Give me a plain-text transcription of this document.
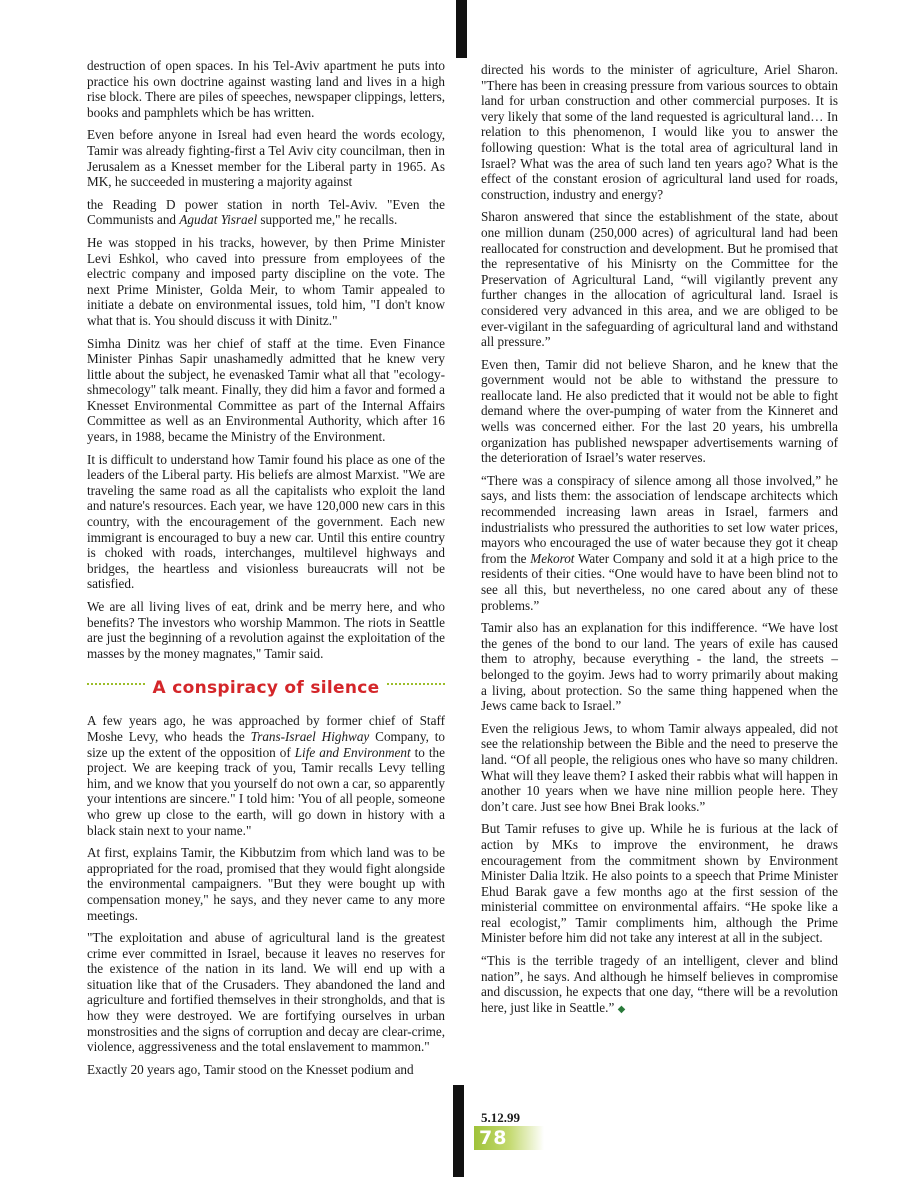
destruction of open spaces. In his Tel-Aviv apartment he puts into practice his own doctrine against wasting land and lives in a high rise block. There are piles of speeches, newspaper clippings, letters, books and pamphlets which be has written.

Even before anyone in Isreal had even heard the words ecology, Tamir was already fighting-first a Tel Aviv city councilman, then in Jerusalem as a Knesset member for the Liberal party in 1965. As MK, he succeeded in mustering a majority against

the Reading D power station in north Tel-Aviv. "Even the Communists and Agudat Yisrael supported me," he recalls.

He was stopped in his tracks, however, by then Prime Minister Levi Eshkol, who caved into pressure from employees of the electric company and imposed party discipline on the vote. The next Prime Minister, Golda Meir, to whom Tamir appealed to initiate a debate on environmental issues, told him, "I don't know what that is. You should discuss it with Dinitz."

Simha Dinitz was her chief of staff at the time. Even Finance Minister Pinhas Sapir unashamedly admitted that he knew very little about the subject, he evenasked Tamir what all that "ecology-shmecology" talk meant. Finally, they did him a favor and formed a Knesset Environmental Committee as part of the Internal Affairs Committee as well as an Environmental Authority, which after 16 years, in 1988, became the Ministry of the Environment.

It is difficult to understand how Tamir found his place as one of the leaders of the Liberal party. His beliefs are almost Marxist. "We are traveling the same road as all the capitalists who exploit the land and nature's resources. Each year, we have 120,000 new cars in this country, with the encouragement of the government. Each new immigrant is encouraged to buy a new car. Until this entire country is choked with roads, interchanges, multilevel highways and bridges, the heartless and visionless bureaucrats will not be satisfied.

We are all living lives of eat, drink and be merry here, and who benefits? The investors who worship Mammon. The riots in Seattle are just the beginning of a revolution against the exploitation of the masses by the money magnates," Tamir said.

A conspiracy of silence

A few years ago, he was approached by former chief of Staff Moshe Levy, who heads the Trans-Israel Highway Company, to size up the extent of the opposition of Life and Environment to the project. We are keeping track of you, Tamir recalls Levy telling him, and we know that you yourself do not own a car, so apparently your intentions are sincere." I told him: 'You of all people, someone who grew up close to the earth, will go down in history with a black stain next to your name."

At first, explains Tamir, the Kibbutzim from which land was to be appropriated for the road, promised that they would fight alongside the environmental campaigners. "But they were bought up with compensation money," he says, and they never came to any more meetings.

"The exploitation and abuse of agricultural land is the greatest crime ever committed in Israel, because it leaves no reserves for the existence of the nation in its land. We will end up with a situation like that of the Crusaders. They abandoned the land and agriculture and fortified themselves in their strongholds, and that is how they were destroyed. We are fortifying ourselves in urban monstrosities and the signs of corruption and decay are clear-crime, violence, aggressiveness and the total enslavement to mammon."

Exactly 20 years ago, Tamir stood on the Knesset podium and

directed his words to the minister of agriculture, Ariel Sharon. "There has been in creasing pressure from various sources to obtain land for urban construction and other commercial purposes. It is very likely that some of the land requested is agricultural land… In relation to this phenomenon, I would like you to answer the following question: What is the total area of agricultural land in Israel? What was the area of such land ten years ago? What is the effect of the constant erosion of agricultural land used for roads, construction, industry and energy?

Sharon answered that since the establishment of the state, about one million dunam (250,000 acres) of agricultural land had been reallocated for construction and development. But he promised that the representative of his Minisrty on the Committee for the Preservation of Agricultural Land, “will vigilantly prevent any further changes in the allocation of agricultural land. Israel is considered very advanced in this area, and we are obliged to be ever-vigilant in the safeguarding of agricultural land and withstand all pressure.”

Even then, Tamir did not believe Sharon, and he knew that the government would not be able to withstand the pressure to reallocate land. He also predicted that it would not be able to fight demand where the over-pumping of water from the Kinneret and wells was concerned either. For the last 20 years, his umbrella organization has published newspaper advertisements warning of the deterioration of Israel’s water reserves.

“There was a conspiracy of silence among all those involved,” he says, and lists them: the association of lendscape architects which recommended increasing lawn areas in Israel, farmers and industrialists who pressured the authorities to set low water prices, mayors who encouraged the use of water because they got it cheap from the Mekorot Water Company and sold it at a high price to the residents of their cities. “One would have to have been blind not to see all this, but nevertheless, no one cared about any of these problems.”

Tamir also has an explanation for this indifference. “We have lost the genes of the bond to our land. The years of exile has caused them to atrophy, because everything - the land, the streets – belonged to the goyim. Jews had to worry primarily about making a living, about protection. So the same thing happened when the Jews came back to Israel.”

Even the religious Jews, to whom Tamir always appealed, did not see the relationship between the Bible and the need to preserve the land. “Of all people, the religious ones who have so many children. What will they leave them? I asked their rabbis what will happen in another 10 years when we have nine million people here. They don’t care. Just see how Bnei Brak looks.”

But Tamir refuses to give up. While he is furious at the lack of action by MKs to improve the environment, he draws encouragement from the commitment shown by Environment Minister Dalia ltzik. He also points to a speech that Prime Minister Ehud Barak gave a few months ago at the first session of the ministerial committee on environmental affairs. “He spoke like a real ecologist,” Tamir compliments him, although the Prime Minister before him did not take any interest at all in the subject.

“This is the terrible tragedy of an intelligent, clever and blind nation”, he says. And although he himself believes in compromise and discussion, he expects that one day, “there will be a revolution here, just like in Seattle.” ◆

5.12.99
78
